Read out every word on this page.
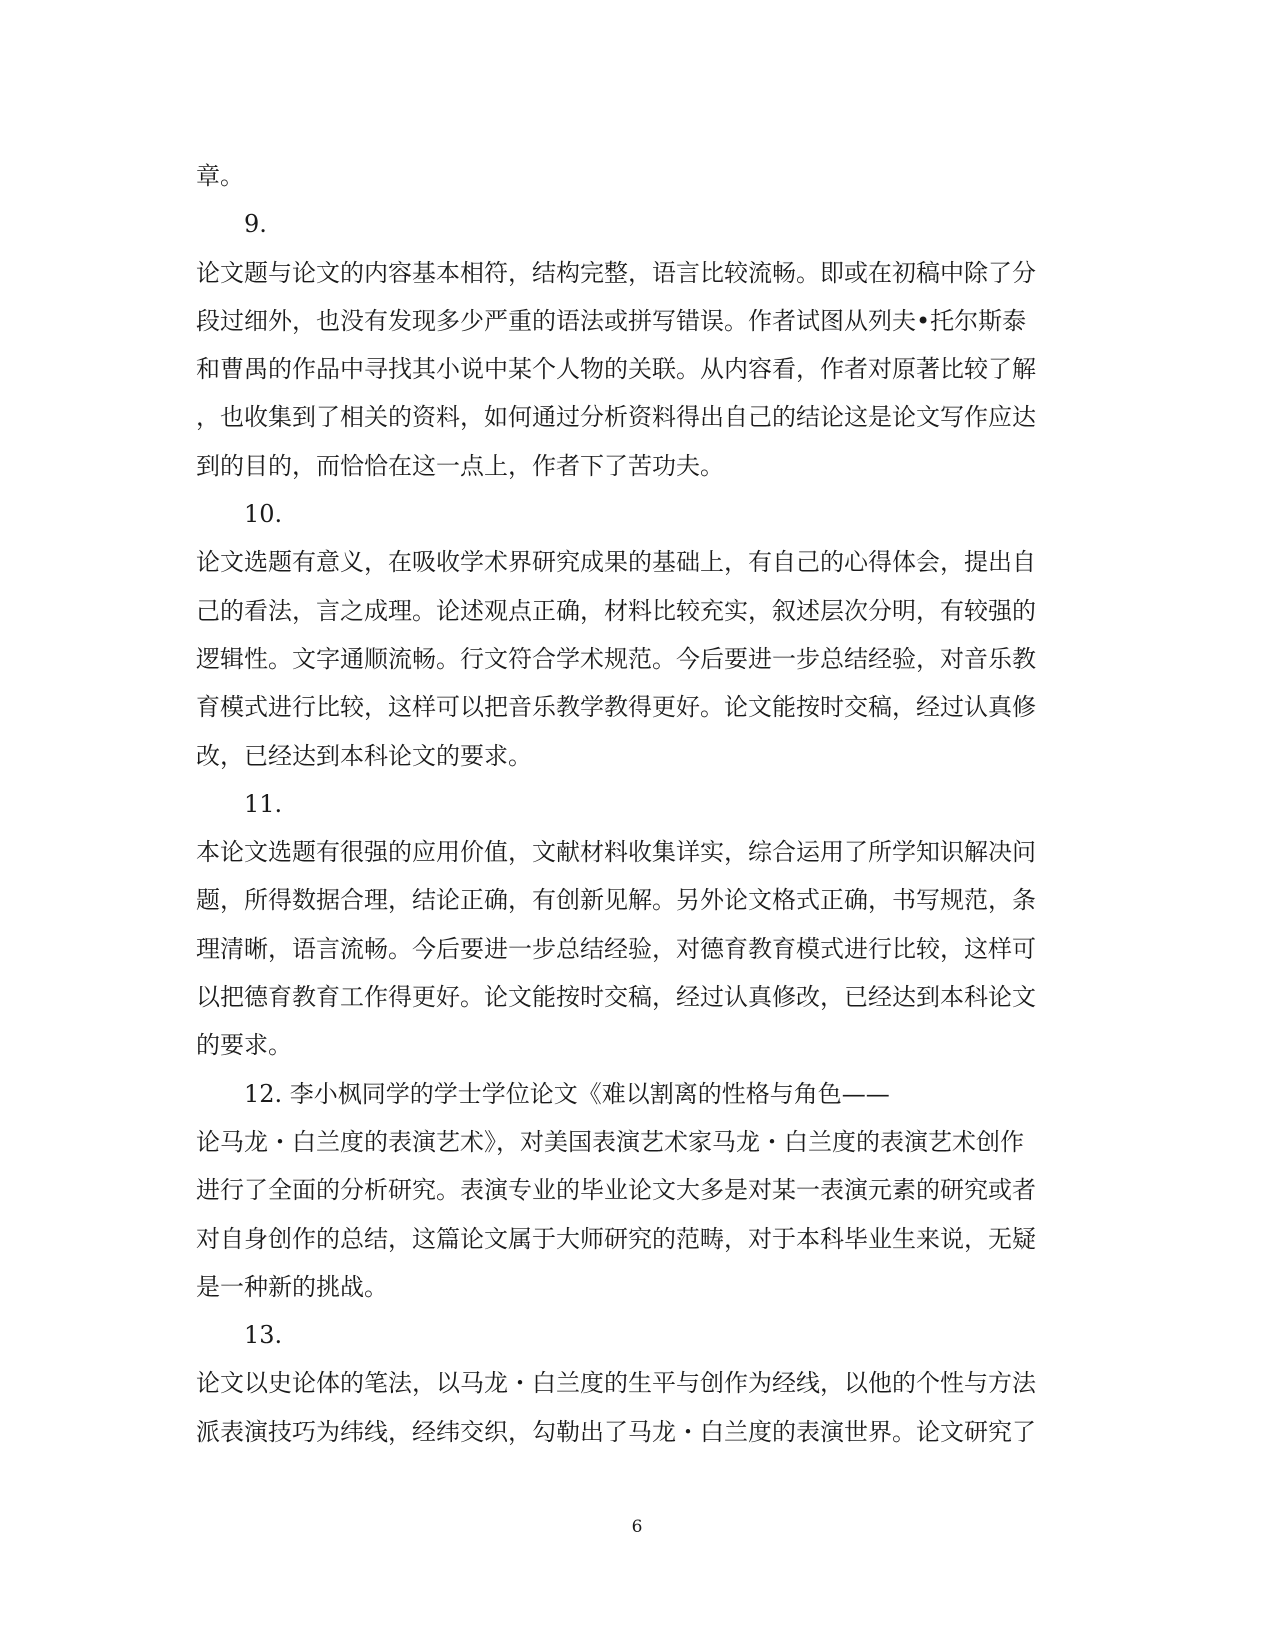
章。
9.
论文题与论文的内容基本相符，结构完整，语言比较流畅。即或在初稿中除了分
段过细外，也没有发现多少严重的语法或拼写错误。作者试图从列夫•托尔斯泰
和曹禺的作品中寻找其小说中某个人物的关联。从内容看，作者对原著比较了解
，也收集到了相关的资料，如何通过分析资料得出自己的结论这是论文写作应达
到的目的，而恰恰在这一点上，作者下了苦功夫。
10.
论文选题有意义，在吸收学术界研究成果的基础上，有自己的心得体会，提出自
己的看法，言之成理。论述观点正确，材料比较充实，叙述层次分明，有较强的
逻辑性。文字通顺流畅。行文符合学术规范。今后要进一步总结经验，对音乐教
育模式进行比较，这样可以把音乐教学教得更好。论文能按时交稿，经过认真修
改，已经达到本科论文的要求。
11.
本论文选题有很强的应用价值，文献材料收集详实，综合运用了所学知识解决问
题，所得数据合理，结论正确，有创新见解。另外论文格式正确，书写规范，条
理清晰，语言流畅。今后要进一步总结经验，对德育教育模式进行比较，这样可
以把德育教育工作得更好。论文能按时交稿，经过认真修改，已经达到本科论文
的要求。
12. 李小枫同学的学士学位论文《难以割离的性格与角色——
论马龙・白兰度的表演艺术》，对美国表演艺术家马龙・白兰度的表演艺术创作
进行了全面的分析研究。表演专业的毕业论文大多是对某一表演元素的研究或者
对自身创作的总结，这篇论文属于大师研究的范畴，对于本科毕业生来说，无疑
是一种新的挑战。
13.
论文以史论体的笔法，以马龙・白兰度的生平与创作为经线，以他的个性与方法
派表演技巧为纬线，经纬交织，勾勒出了马龙・白兰度的表演世界。论文研究了
6
